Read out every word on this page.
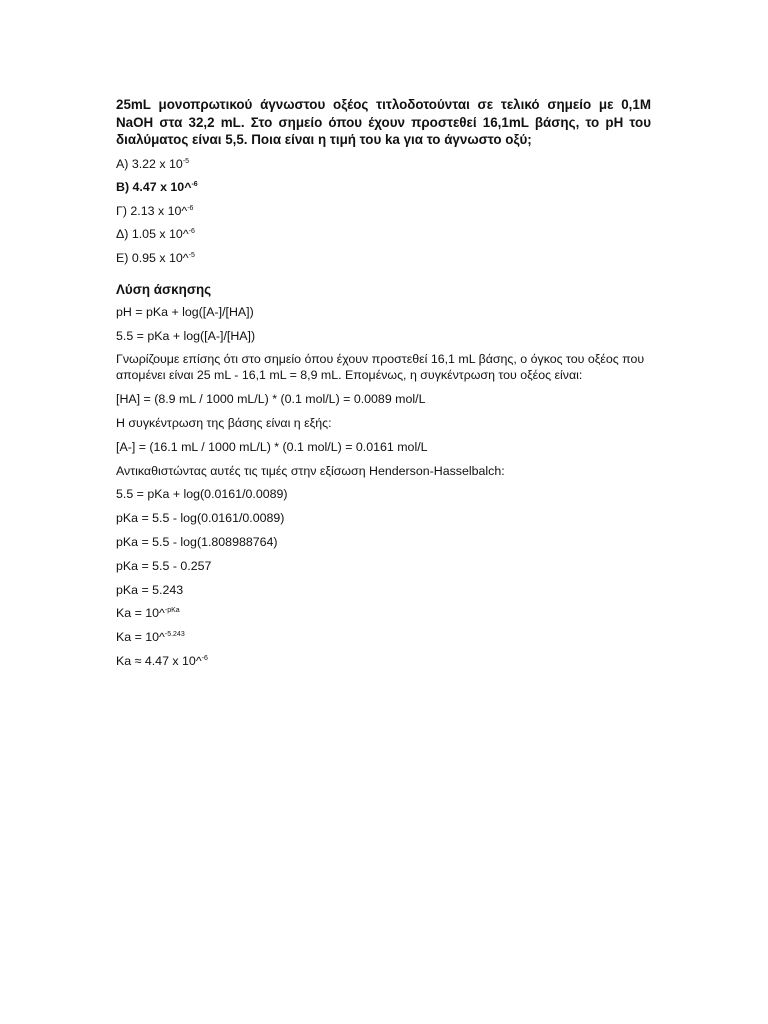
25mL μονοπρωτικού άγνωστου οξέος τιτλοδοτούνται σε τελικό σημείο με 0,1M NaOH στα 32,2 mL. Στο σημείο όπου έχουν προστεθεί 16,1mL βάσης, το pH του διαλύματος είναι 5,5. Ποια είναι η τιμή του ka για το άγνωστο οξύ;

Α) 3.22 x $10^{-5}$
Β) 4.47 x 10^$^{-6}$
Γ) 2.13 x 10^$^{-6}$
Δ) 1.05 x 10^$^{-6}$
Ε) 0.95 x 10^$^{-5}$
Λύση άσκησης
pH = pKa + log([A-]/[HA])
5.5 = pKa + log([A-]/[HA])
Γνωρίζουμε επίσης ότι στο σημείο όπου έχουν προστεθεί 16,1 mL βάσης, ο όγκος του οξέος που απομένει είναι 25 mL - 16,1 mL = 8,9 mL. Επομένως, η συγκέντρωση του οξέος είναι:
[HA] = (8.9 mL / 1000 mL/L) * (0.1 mol/L) = 0.0089 mol/L
Η συγκέντρωση της βάσης είναι η εξής:
[A-] = (16.1 mL / 1000 mL/L) * (0.1 mol/L) = 0.0161 mol/L
Αντικαθιστώντας αυτές τις τιμές στην εξίσωση Henderson-Hasselbalch:
5.5 = pKa + log(0.0161/0.0089)
pKa = 5.5 - log(0.0161/0.0089)
pKa = 5.5 - log(1.808988764)
pKa = 5.5 - 0.257
pKa = 5.243
Ka = 10^$^{-pKa}$
Ka = 10^$^{-5.243}$
Ka ≈ 4.47 x 10^$^{-6}$
